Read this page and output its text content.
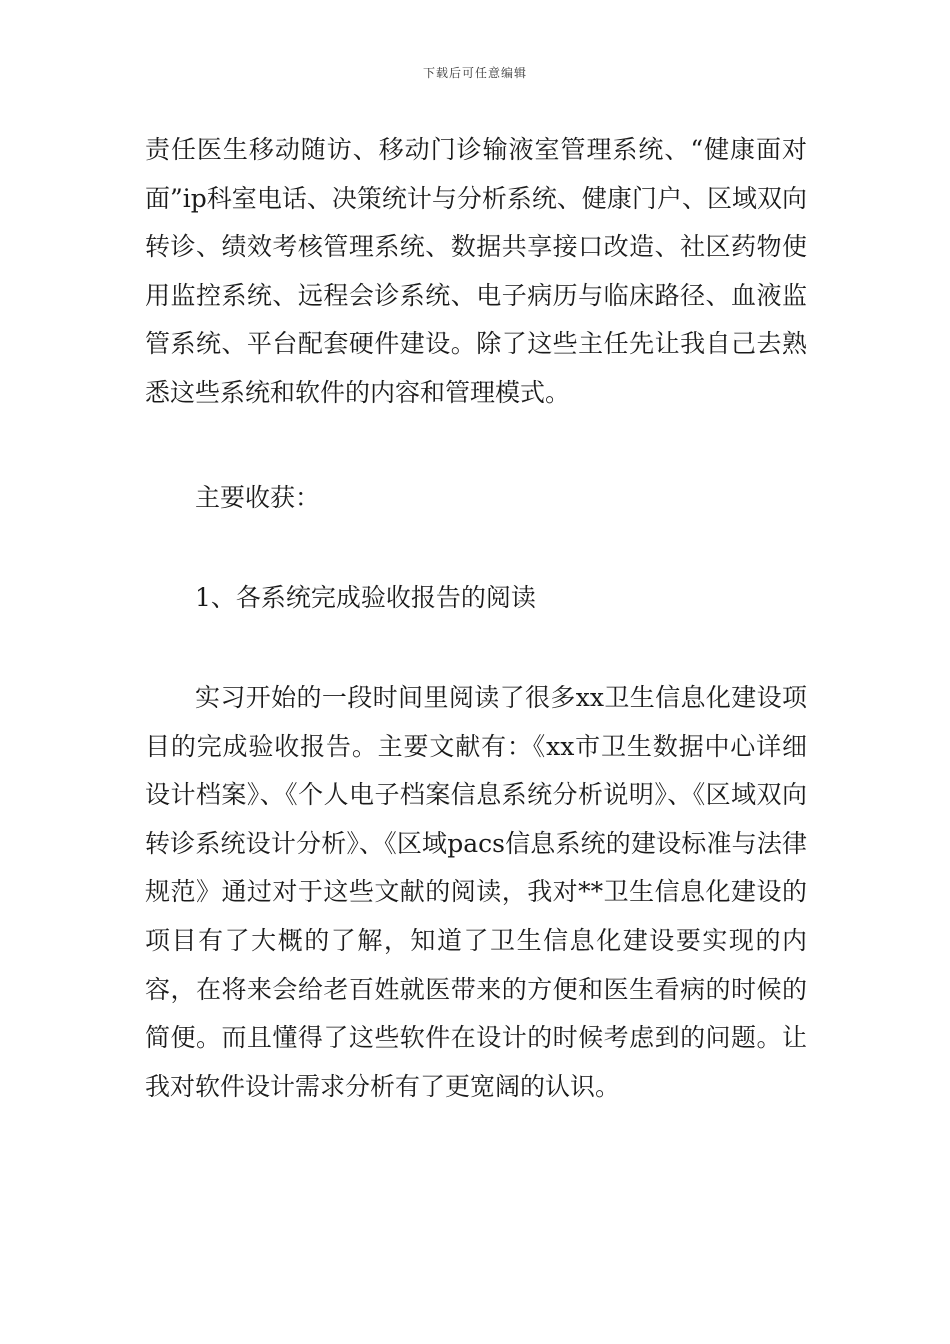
下载后可任意编辑

责任医生移动随访、移动门诊输液室管理系统、“健康面对面”ip科室电话、决策统计与分析系统、健康门户、区域双向转诊、绩效考核管理系统、数据共享接口改造、社区药物使用监控系统、远程会诊系统、电子病历与临床路径、血液监管系统、平台配套硬件建设。除了这些主任先让我自己去熟悉这些系统和软件的内容和管理模式。

主要收获：

1、各系统完成验收报告的阅读

实习开始的一段时间里阅读了很多xx卫生信息化建设项目的完成验收报告。主要文献有：《xx市卫生数据中心详细设计档案》、《个人电子档案信息系统分析说明》、《区域双向转诊系统设计分析》、《区域pacs信息系统的建设标准与法律规范》通过对于这些文献的阅读，我对**卫生信息化建设的项目有了大概的了解，知道了卫生信息化建设要实现的内容，在将来会给老百姓就医带来的方便和医生看病的时候的简便。而且懂得了这些软件在设计的时候考虑到的问题。让我对软件设计需求分析有了更宽阔的认识。
